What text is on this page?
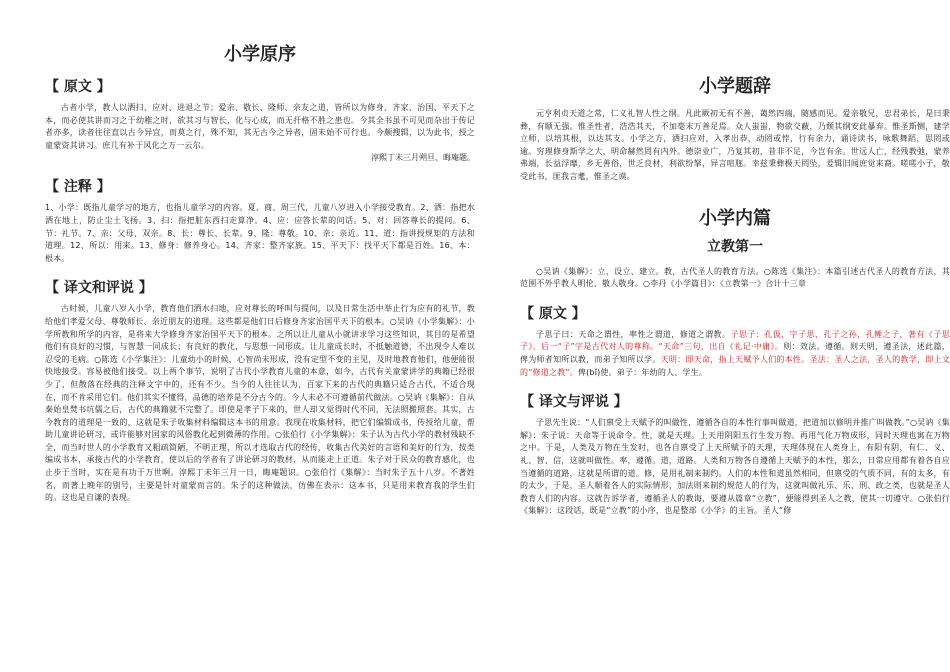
小学原序
【 原文 】

古者小学，教人以洒扫、应对、进退之节；爱亲、敬长、隆师、亲友之道，皆所以为修身、齐家、治国、平天下之本，而必使其讲而习之于幼稚之时，欲其习与智长，化与心成，而无扞格不胜之患也。今其全书虽不可见而杂出于传记者亦多，读者往往直以古今异宜，而莫之行，殊不知，其无古今之异者，固未始不可行也。今颇搜辑，以为此书，授之童蒙资其讲习。庶几有补于风化之万一云尔。

淳熙丁未三月朔旦、晦庵题。

【 注释 】

1、小学：既指儿童学习的地方，也指儿童学习的内容。夏、商、周三代，儿童八岁进入小学接受教育。2、洒：指把水洒在地上，防止尘土飞扬。3、扫：指把脏东西扫走算净。4、应：应答长辈的问话。5、对：回答尊长的提问。6、节：礼节。7、亲：父母、双亲。8、长：尊长、长辈。9、隆：尊敬。10、亲：亲近。11、道：指讲授规矩的方法和道理。12、所以：用来。13、修身：修养身心。14、齐家：整齐家族。15、平天下：找平天下都是百姓。16、本：根本。

【 译文和评说 】

古时候，儿童八岁入小学，教育他们洒水扫地，应对尊长的呼叫与提问，以及日常生活中举止行为应有的礼节，教给他们孝爱父母、尊敬师长、亲近朋友的道理。这些都是他们日后修身齐家治国平天下的根本。○吴讷《小学集解》：小学所教和所学的内容，是将来大学修身齐家治国平天下的根本。之所以让儿童从小就讲求学习这些知识，其目的是希望他们有良好的习惯，与智慧一同成长；有良好的教化，与思想一同形成。让儿童成长时，不抵触道德，不出现令人难以忍受的毛病。○陈选《小学集注》：儿童幼小的时候，心智尚未形成，没有定型不变的主见，及时地教育他们，他便能很快地接受。容易被他们接受。以上两个事节，说明了古代小学教育儿童的本意，如今，古代有关童蒙讲学的典籍已经很少了，但散落在经典的注释文字中的，还有不少。当今的人往往认为，百家下来的古代的典籍只适合古代，不适合现在，而不肯采用它们。他们其实不懂得，品德的培养是不分古今的。今人未必不可遵循前代做法。○吴讷《集解》：自从秦始皇焚书坑儒之后，古代的典籍就不完整了。即使是孝子下来的，世人却又觉得时代不同，无法照搬照套。其实，古今教育的道理是一致的，这就是朱子收集材料编辑这本书的用意。我现在收集材料，把它们编辑成书，传授给儿童，帮助儿童讲论研习，或许能够对国家的风俗教化起到微薄的作用。○张伯行《小学集解》：朱子认为古代小学的教材残缺不全，而当时世人的小学教育又粗疏简陋，不明正理，所以才选取古代的经传，收集古代美好的言语和美好的行为，按类编成书本，承接古代的小学教育，使以后的学者有了讲论研习的教材，从而能走上正道。朱子对于民众的教育感化，也止步于当时，实在是有功于万世啊。淳熙丁未年三月一日，晦庵题识。○张伯行《集解》：当时朱子五十八岁。不著姓名，而著上晚年的别号，主要是针对童蒙而言的。朱子的这种做法，仿佛在表示：这本书，只是用来教育我的学生们的。这也是自谦的表现。

小学题辞

元亨利贞天道之常，仁义礼智人性之纲。凡此厥初无有不善，蔼然四端，随感而见。爱亲敬兄，忠君弟长，是曰秉彝，有顺无强。惟圣性者，浩浩其天，不加毫末万善足焉。众人蚩蚩，物欲交蔽，乃颓其纲安此暴弃。惟圣斯恻，建学立师，以培其根，以达其支。小学之方，洒扫应对，入孝出恭，动罔或悖，行有余力，诵诗读书，咏歌舞蹈，思罔或逾。穷理修身斯学之大，明命赫然罔有内外。德崇业广，乃复其初，昔非不足，今岂有余。世远人亡，经残教弛，蒙养弗端，长益浮靡，乡无善俗，世乏良材，利欲纷拏，异言喧豗。幸兹秉彝极天罔坠，爰辑旧闻庶觉来裔。嗟嗟小子，敬受此书，匪我言耄，惟圣之谟。

小学内篇
立教第一

○吴讷《集解》：立，设立、建立。教，古代圣人的教育方法。○陈选《集注》：本篇引述古代圣人的教育方法，其范围不外乎教人明伦、敬人敬身。○李丹《小学篇目》：《立教第一》合计十三章

【 原文 】

子思子曰：天命之谓性，率性之谓道，修道之谓教。子思子：孔伋，字子思，孔子之孙，孔鲤之子，著有《子思子》。后一“子”字是古代对人的尊称。“天命”三句，出自《礼记·中庸》。则：效法。遵循。则天明，遵圣法，述此篇，俾为师者知所以教，而弟子知所以学。天明：即天命，指上天赋予人们的本性。圣法：圣人之法，圣人的教学，即上文的“修道之教”。俾(bǐ)使。弟子：年幼的人、学生。

【 译文与评说 】

子思先生说：“人们禀受上天赋予的叫做性，遵循各自的本性行事叫做道，把道加以修明并推广叫做教。”○吴讷《集解》：朱子说：天命等于说命令。性，就是天理。上天用阴阳五行生发万物。再用气化万物成形，同时天理也寓在万物之中。于是，人类及万物在生发时，也各自禀受了上天所赋予的天理，天理体现在人类身上，有阳有阴，有仁、义、礼、智、信，这就叫做性。率，遵循。道，道路。人类和万物各自遵循上天赋予的本性，那么，日常应用都有着各自应当遵循的道路，这就是所谓的道。修，是用礼制来制约。人们的本性和道虽然相同，但禀受的气质不同，有的太多，有的太少，于是，圣人顺着各人的实际情形，加法则来制约规范人的行为，这就叫做礼乐、乐、刑、政之类，也就是圣人教育人们的内容。这就告诉学者，遵循圣人的教诲，要遵从篇章“立教”，便能得到圣人之教，使其一切遵守。○张伯行《集解》：这段话，既是“立教”的小序，也是整部《小学》的主旨。圣人“修
